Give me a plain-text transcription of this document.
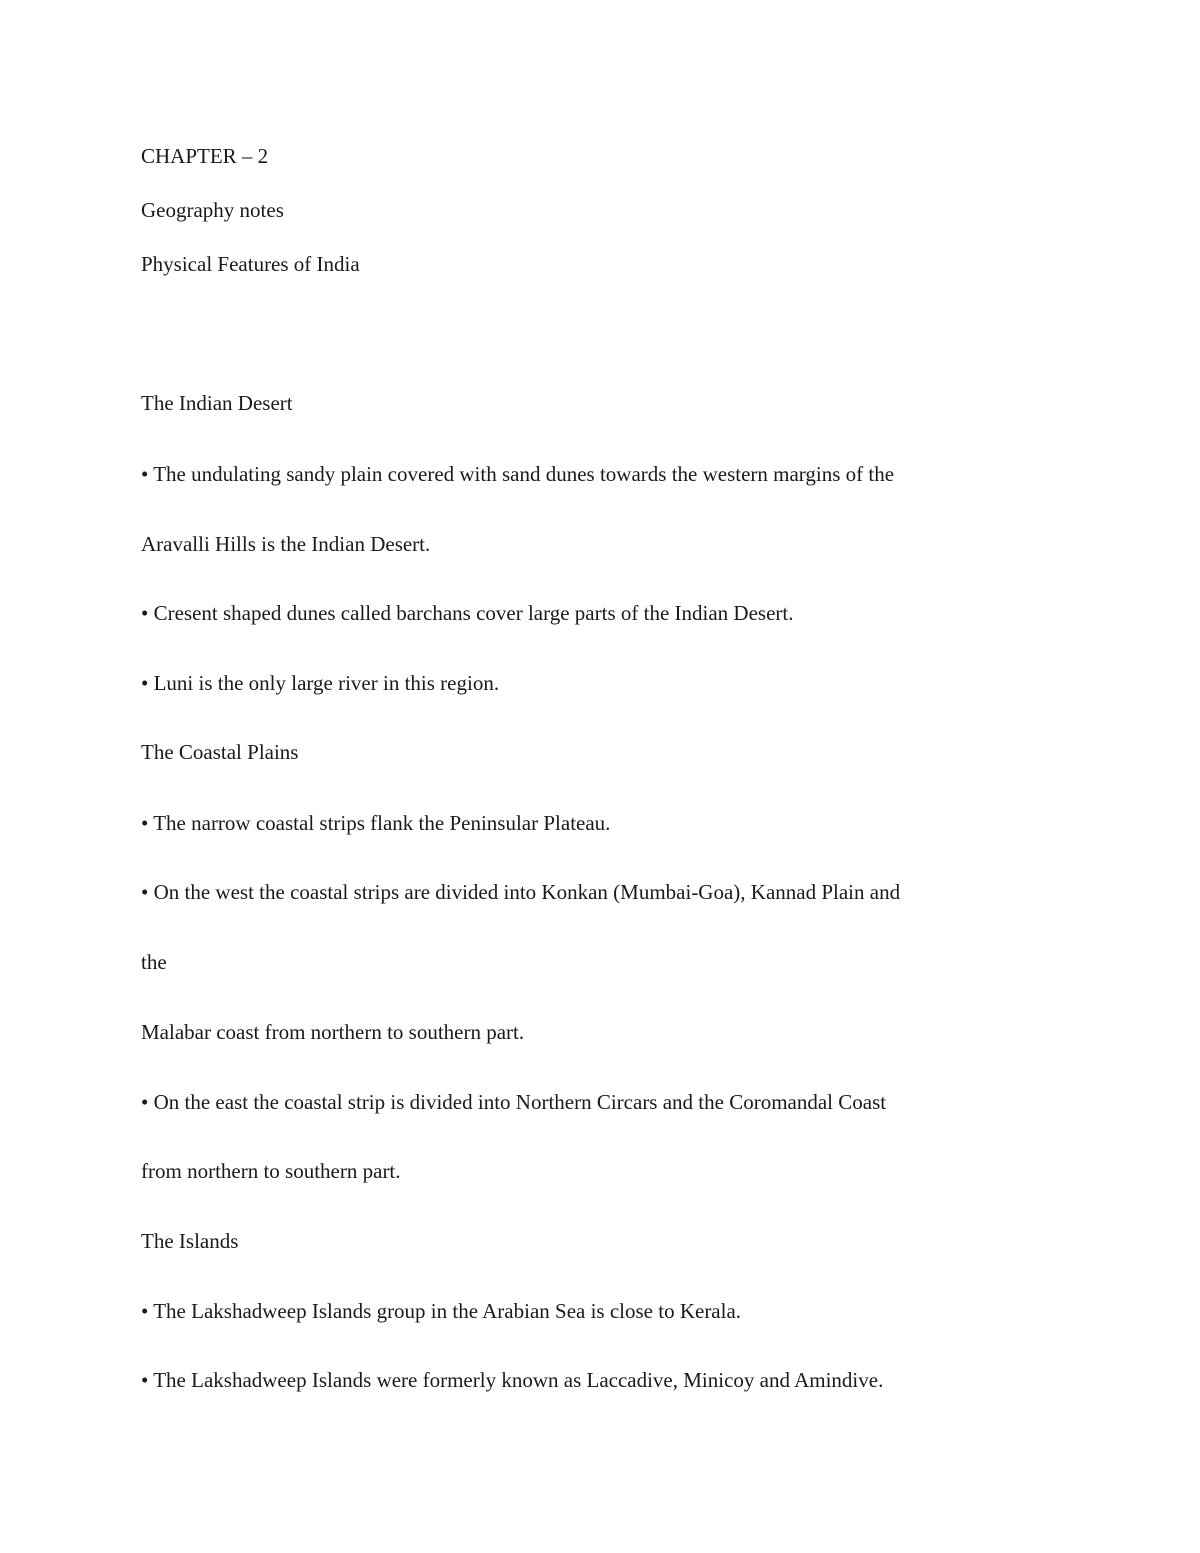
CHAPTER – 2
Geography notes
Physical Features of India
The Indian Desert
• The undulating sandy plain covered with sand dunes towards the western margins of the
Aravalli Hills is the Indian Desert.
• Cresent shaped dunes called barchans cover large parts of the Indian Desert.
• Luni is the only large river in this region.
The Coastal Plains
• The narrow coastal strips flank the Peninsular Plateau.
• On the west the coastal strips are divided into Konkan (Mumbai-Goa), Kannad Plain and
the
Malabar coast from northern to southern part.
• On the east the coastal strip is divided into Northern Circars and the Coromandal Coast
from northern to southern part.
The Islands
• The Lakshadweep Islands group in the Arabian Sea is close to Kerala.
• The Lakshadweep Islands were formerly known as Laccadive, Minicoy and Amindive.
